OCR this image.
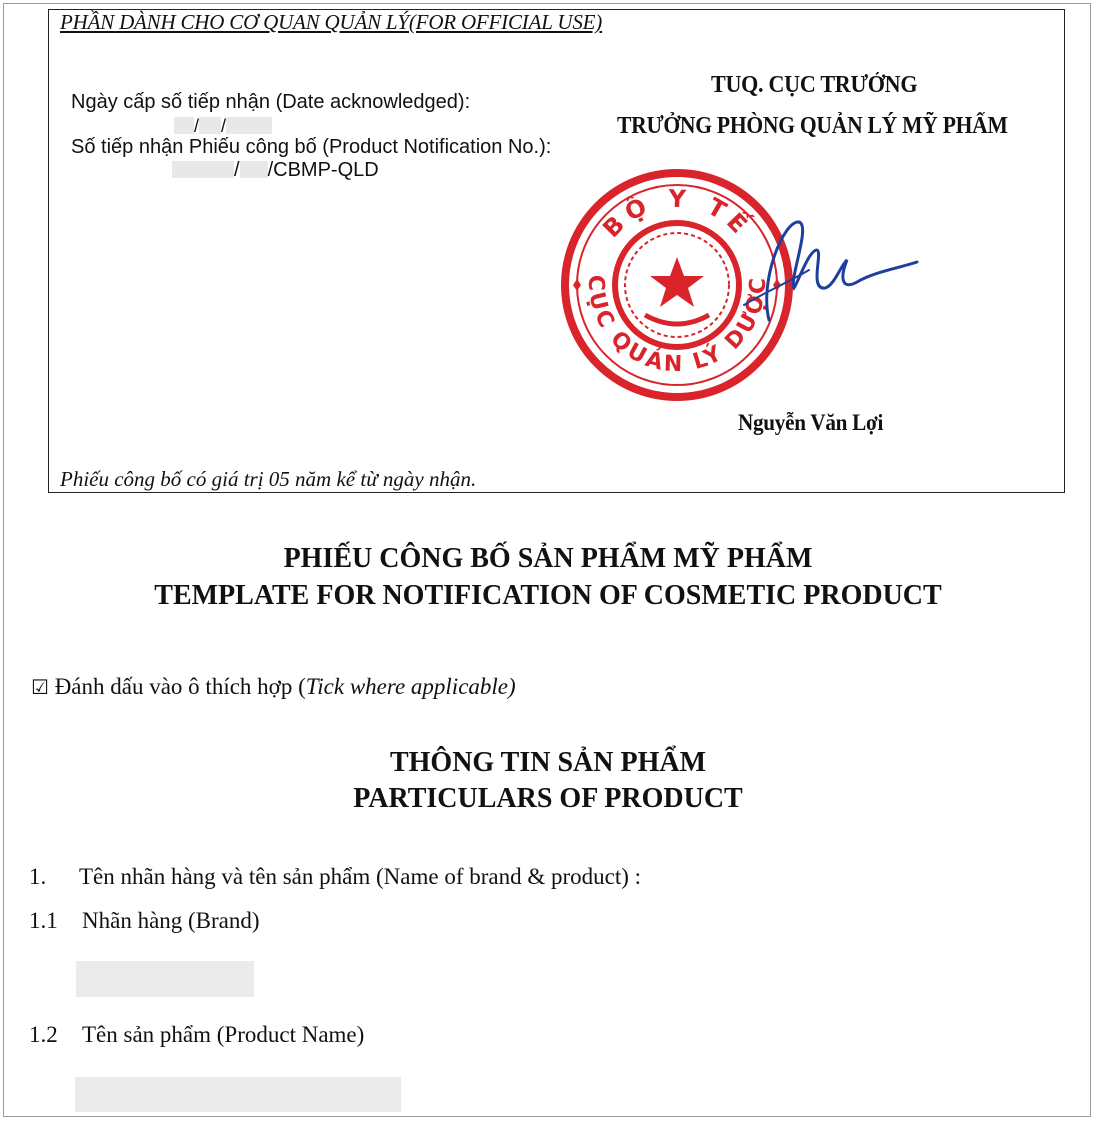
PHẦN DÀNH CHO CƠ QUAN QUẢN LÝ(FOR OFFICIAL USE)
Ngày cấp số tiếp nhận (Date acknowledged):
/ /
Số tiếp nhận Phiếu công bố (Product Notification No.):
/ /CBMP-QLD
TUQ. CỤC TRƯỞNG
TRƯỞNG PHÒNG QUẢN LÝ MỸ PHẨM
BỘ Y TẾ
CỤC QUẢN LÝ DƯỢC
Nguyễn Văn Lợi
Phiếu công bố có giá trị 05 năm kể từ ngày nhận.
PHIẾU CÔNG BỐ SẢN PHẨM MỸ PHẨM
TEMPLATE FOR NOTIFICATION OF COSMETIC PRODUCT
☑ Đánh dấu vào ô thích hợp (Tick where applicable)
THÔNG TIN SẢN PHẨM
PARTICULARS OF PRODUCT
1. Tên nhãn hàng và tên sản phẩm (Name of brand & product) :
1.1 Nhãn hàng (Brand)
1.2 Tên sản phẩm (Product Name)
